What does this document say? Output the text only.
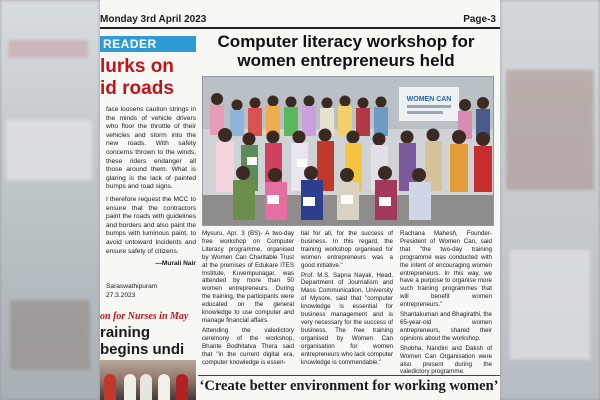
Monday 3rd April 2023	Page-3
READER
lurks on id roads

face loosens caution strings in the minds of vehicle drivers who floor the throttle of their vehicles and storm into the new roads. With safety concerns thrown to the winds, these riders endanger all those around them. What is glaring is the lack of painted bumps and road signs.

I therefore request the MCC to ensure that the contractors paint the roads with guidelines and borders and also paint the bumps with luminous paint, to avoid untoward incidents and ensure safety of citizens.

—Murali Nair

Saraswathipuram
27.3.2023
on for Nurses in May
raining begins undi
Computer literacy workshop for women entrepreneurs held
WOMEN CAN

Mysuru, Apr. 3 (BS)- A two-day free workshop on Computer Literacy programme, organised by Women Can Charitable Trust at the premises of Edukare ITES Institute, Kuvempunagar, was attended by more than 50 women entrepreneurs. During the training, the participants were educated on the general knowledge to use computer and manage financial affairs.

Attending the valedictory ceremony of the workshop, Bhante Bodhitatva Thera said that "in the current digital era, computer knowledge is essen-

tial for all, for the success of business. In this regard, the training workshop organised for women entrepreneurs was a good initiative."

Prof. M.S. Sapna Nayak, Head, Department of Journalism and Mass Communication, University of Mysore, said that "computer knowledge is essential for business management and is very necessary for the success of business. The free training organised by Women Can organisation for women entrepreneurs who lack computer knowledge is commendable."

Rachana Mahesh, Founder-President of Women Can, said that "the two-day training programme was conducted with the intent of encouraging women entrepreneurs. In this way, we have a purpose to organise more such training programmes that will benefit women entrepreneurs."

Shantakumari and Bhagirathi, the 65-year-old women entrepreneurs, shared their opinions about the workshop.

Shobha, Nandini and Daksh of Women Can Organisation were also present during the valedictory programme.

‘Create better environment for working women’
